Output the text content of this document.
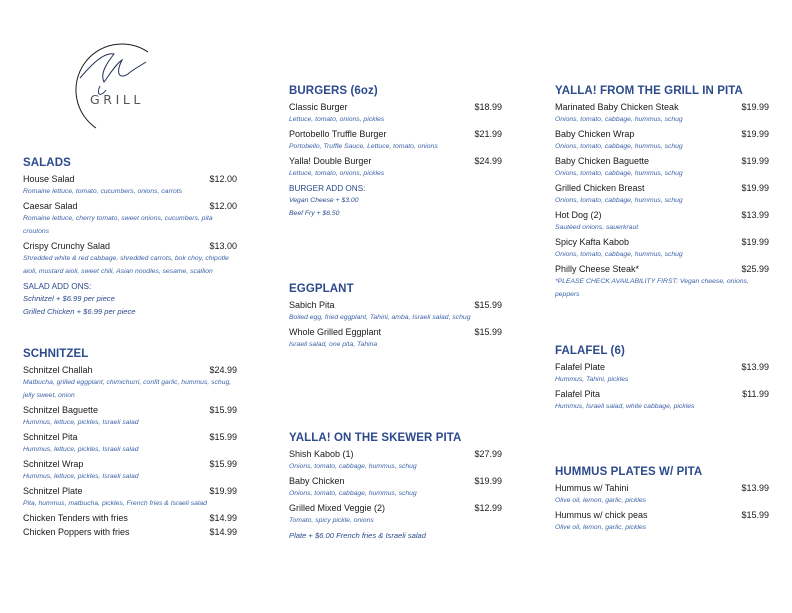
GRILL
SALADS
House Salad	$12.00
Romaine lettuce, tomato, cucumbers, onions, carrots
Caesar Salad	$12.00
Romaine lettuce, cherry tomato, sweet onions, cucumbers, pita croutons
Crispy Crunchy Salad	$13.00
Shredded white & red cabbage, shredded carrots, bok choy, chipotle aioli, mustard aioli, sweet chili, Asian noodles, sesame, scallion
SALAD ADD ONS:
Schnitzel + $6.99 per piece
Grilled Chicken + $6.99 per piece
SCHNITZEL
Schnitzel Challah	$24.99
Matbucha, grilled eggplant, chimichurri, confit garlic, hummus, schug, jelly sweet, onion
Schnitzel Baguette	$15.99
Hummus, lettuce, pickles, Israeli salad
Schnitzel Pita	$15.99
Hummus, lettuce, pickles, Israeli salad
Schnitzel Wrap	$15.99
Hummus, lettuce, pickles, Israeli salad
Schnitzel Plate	$19.99
Pita, hummus, matbucha, pickles, French fries & Israeli salad
Chicken Tenders with fries	$14.99
Chicken Poppers with fries	$14.99
BURGERS (6oz)
Classic Burger	$18.99
Lettuce, tomato, onions, pickles
Portobello Truffle Burger	$21.99
Portobello, Truffle Sauce, Lettuce, tomato, onions
Yalla! Double Burger	$24.99
Lettuce, tomato, onions, pickles
BURGER ADD ONS:
Vegan Cheese + $3.00
Beef Fry + $6.50
EGGPLANT
Sabich Pita	$15.99
Boiled egg, fried eggplant, Tahini, amba, Israeli salad, schug
Whole Grilled Eggplant	$15.99
Israeli salad, one pita, Tahina
YALLA! ON THE SKEWER PITA
Shish Kabob (1)	$27.99
Onions, tomato, cabbage, hummus, schug
Baby Chicken	$19.99
Onions, tomato, cabbage, hummus, schug
Grilled Mixed Veggie (2)	$12.99
Tomato, spicy pickle, onions
Plate + $6.00 French fries & Israeli salad
YALLA! FROM THE GRILL IN PITA
Marinated Baby Chicken Steak	$19.99
Onions, tomato, cabbage, hummus, schug
Baby Chicken Wrap	$19.99
Onions, tomato, cabbage, hummus, schug
Baby Chicken Baguette	$19.99
Onions, tomato, cabbage, hummus, schug
Grilled Chicken Breast	$19.99
Onions, tomato, cabbage, hummus, schug
Hot Dog (2)	$13.99
Sautéed onions, sauerkraut
Spicy Kafta Kabob	$19.99
Onions, tomato, cabbage, hummus, schug
Philly Cheese Steak*	$25.99
*PLEASE CHECK AVAILABILITY FIRST: Vegan cheese, onions, peppers
FALAFEL (6)
Falafel Plate	$13.99
Hummus, Tahini, pickles
Falafel Pita	$11.99
Hummus, Israeli salad, white cabbage, pickles
HUMMUS PLATES W/ PITA
Hummus w/ Tahini	$13.99
Olive oil, lemon, garlic, pickles
Hummus w/ chick peas	$15.99
Olive oil, lemon, garlic, pickles
